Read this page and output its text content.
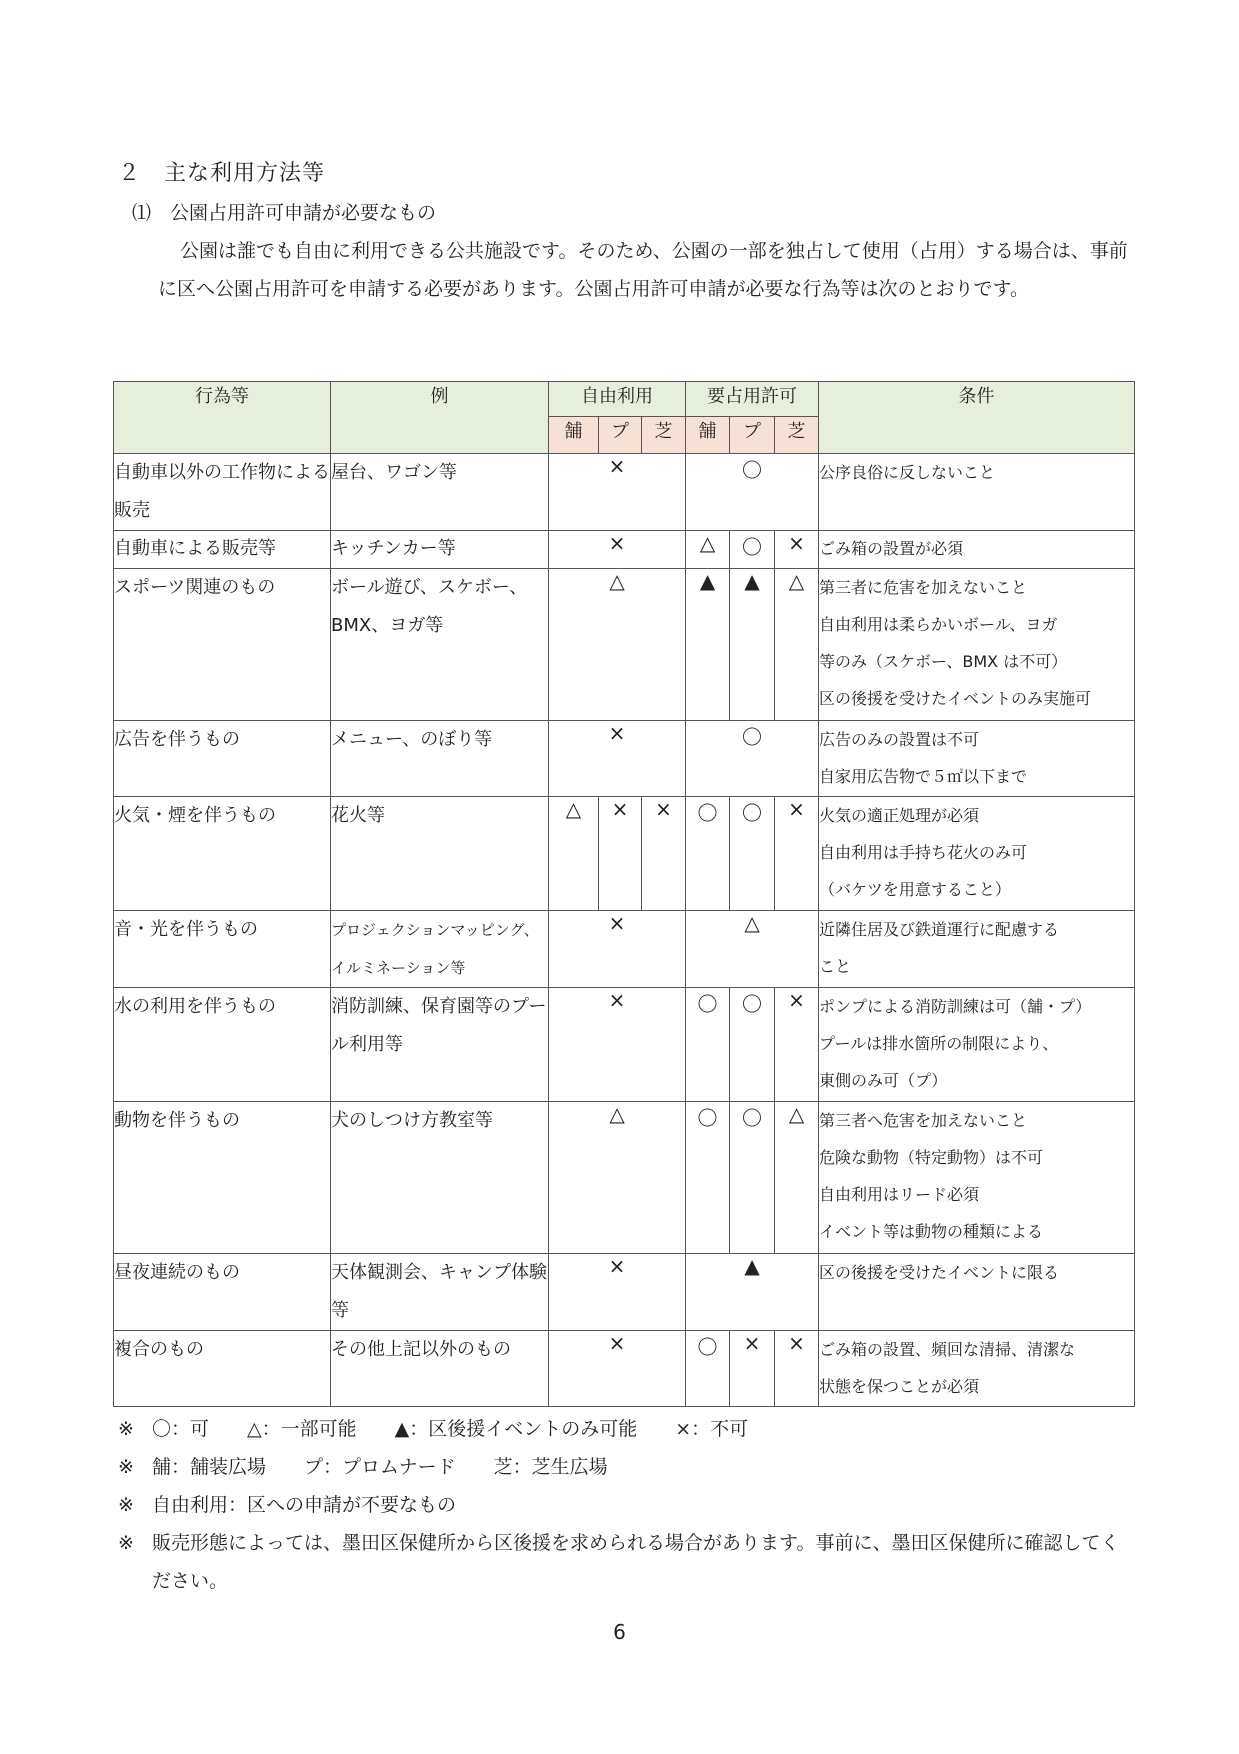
２　主な利用方法等
⑴　公園占用許可申請が必要なもの
公園は誰でも自由に利用できる公共施設です。そのため、公園の一部を独占して使用（占用）する場合は、事前に区へ公園占用許可を申請する必要があります。公園占用許可申請が必要な行為等は次のとおりです。
行為等	例	自由利用			要占用許可			条件
		舗	プ	芝	舗	プ	芝	
自動車以外の工作物による販売	屋台、ワゴン等	×			〇			公序良俗に反しないこと

自動車による販売等	キッチンカー等	×			△	〇	×	ごみ箱の設置が必須

スポーツ関連のもの	ボール遊び、スケボー、BMX、ヨガ等	△			▲	▲	△	第三者に危害を加えないこと
自由利用は柔らかいボール、ヨガ
等のみ（スケボー、BMX は不可）
区の後援を受けたイベントのみ実施可

広告を伴うもの	メニュー、のぼり等	×			〇			広告のみの設置は不可
自家用広告物で５㎡以下まで

火気・煙を伴うもの	花火等	△	×	×	〇	〇	×	火気の適正処理が必須
自由利用は手持ち花火のみ可
（バケツを用意すること）

音・光を伴うもの	プロジェクションマッピング、イルミネーション等	×			△			近隣住居及び鉄道運行に配慮する
こと

水の利用を伴うもの	消防訓練、保育園等のプール利用等	×			〇	〇	×	ポンプによる消防訓練は可（舗・プ）
プールは排水箇所の制限により、
東側のみ可（プ）

動物を伴うもの	犬のしつけ方教室等	△			〇	〇	△	第三者へ危害を加えないこと
危険な動物（特定動物）は不可
自由利用はリード必須
イベント等は動物の種類による

昼夜連続のもの	天体観測会、キャンプ体験等	×			▲			区の後援を受けたイベントに限る

複合のもの	その他上記以外のもの	×			〇	×	×	ごみ箱の設置、頻回な清掃、清潔な
状態を保つことが必須
※ 〇：可　　△：一部可能　　▲：区後援イベントのみ可能　　×：不可
※ 舗：舗装広場　　プ：プロムナード　　芝：芝生広場
※ 自由利用：区への申請が不要なもの
※ 販売形態によっては、墨田区保健所から区後援を求められる場合があります。事前に、墨田区保健所に確認してください。
6
